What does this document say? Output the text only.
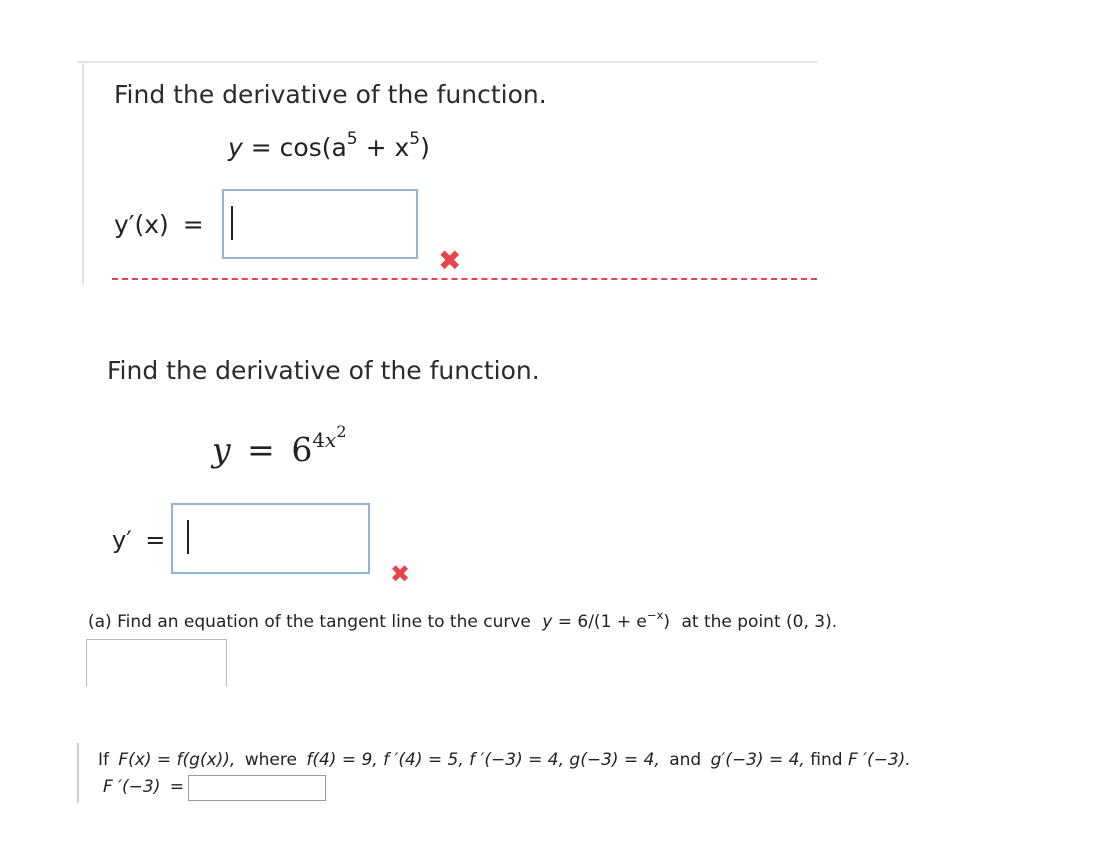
Find the derivative of the function.
$y = \cos(a^5 + x^5)$
y′(x) =
✖
Find the derivative of the function.
$y = 6^{4x^2}$
y′ =
✖
(a) Find an equation of the tangent line to the curve $y = 6/(1 + e^{-x})$ at the point (0, 3).
If F(x) = f(g(x)), where f(4) = 9, f ′(4) = 5, f ′(−3) = 4, g(−3) = 4, and g′(−3) = 4, find F ′(−3).
F ′(−3) =
